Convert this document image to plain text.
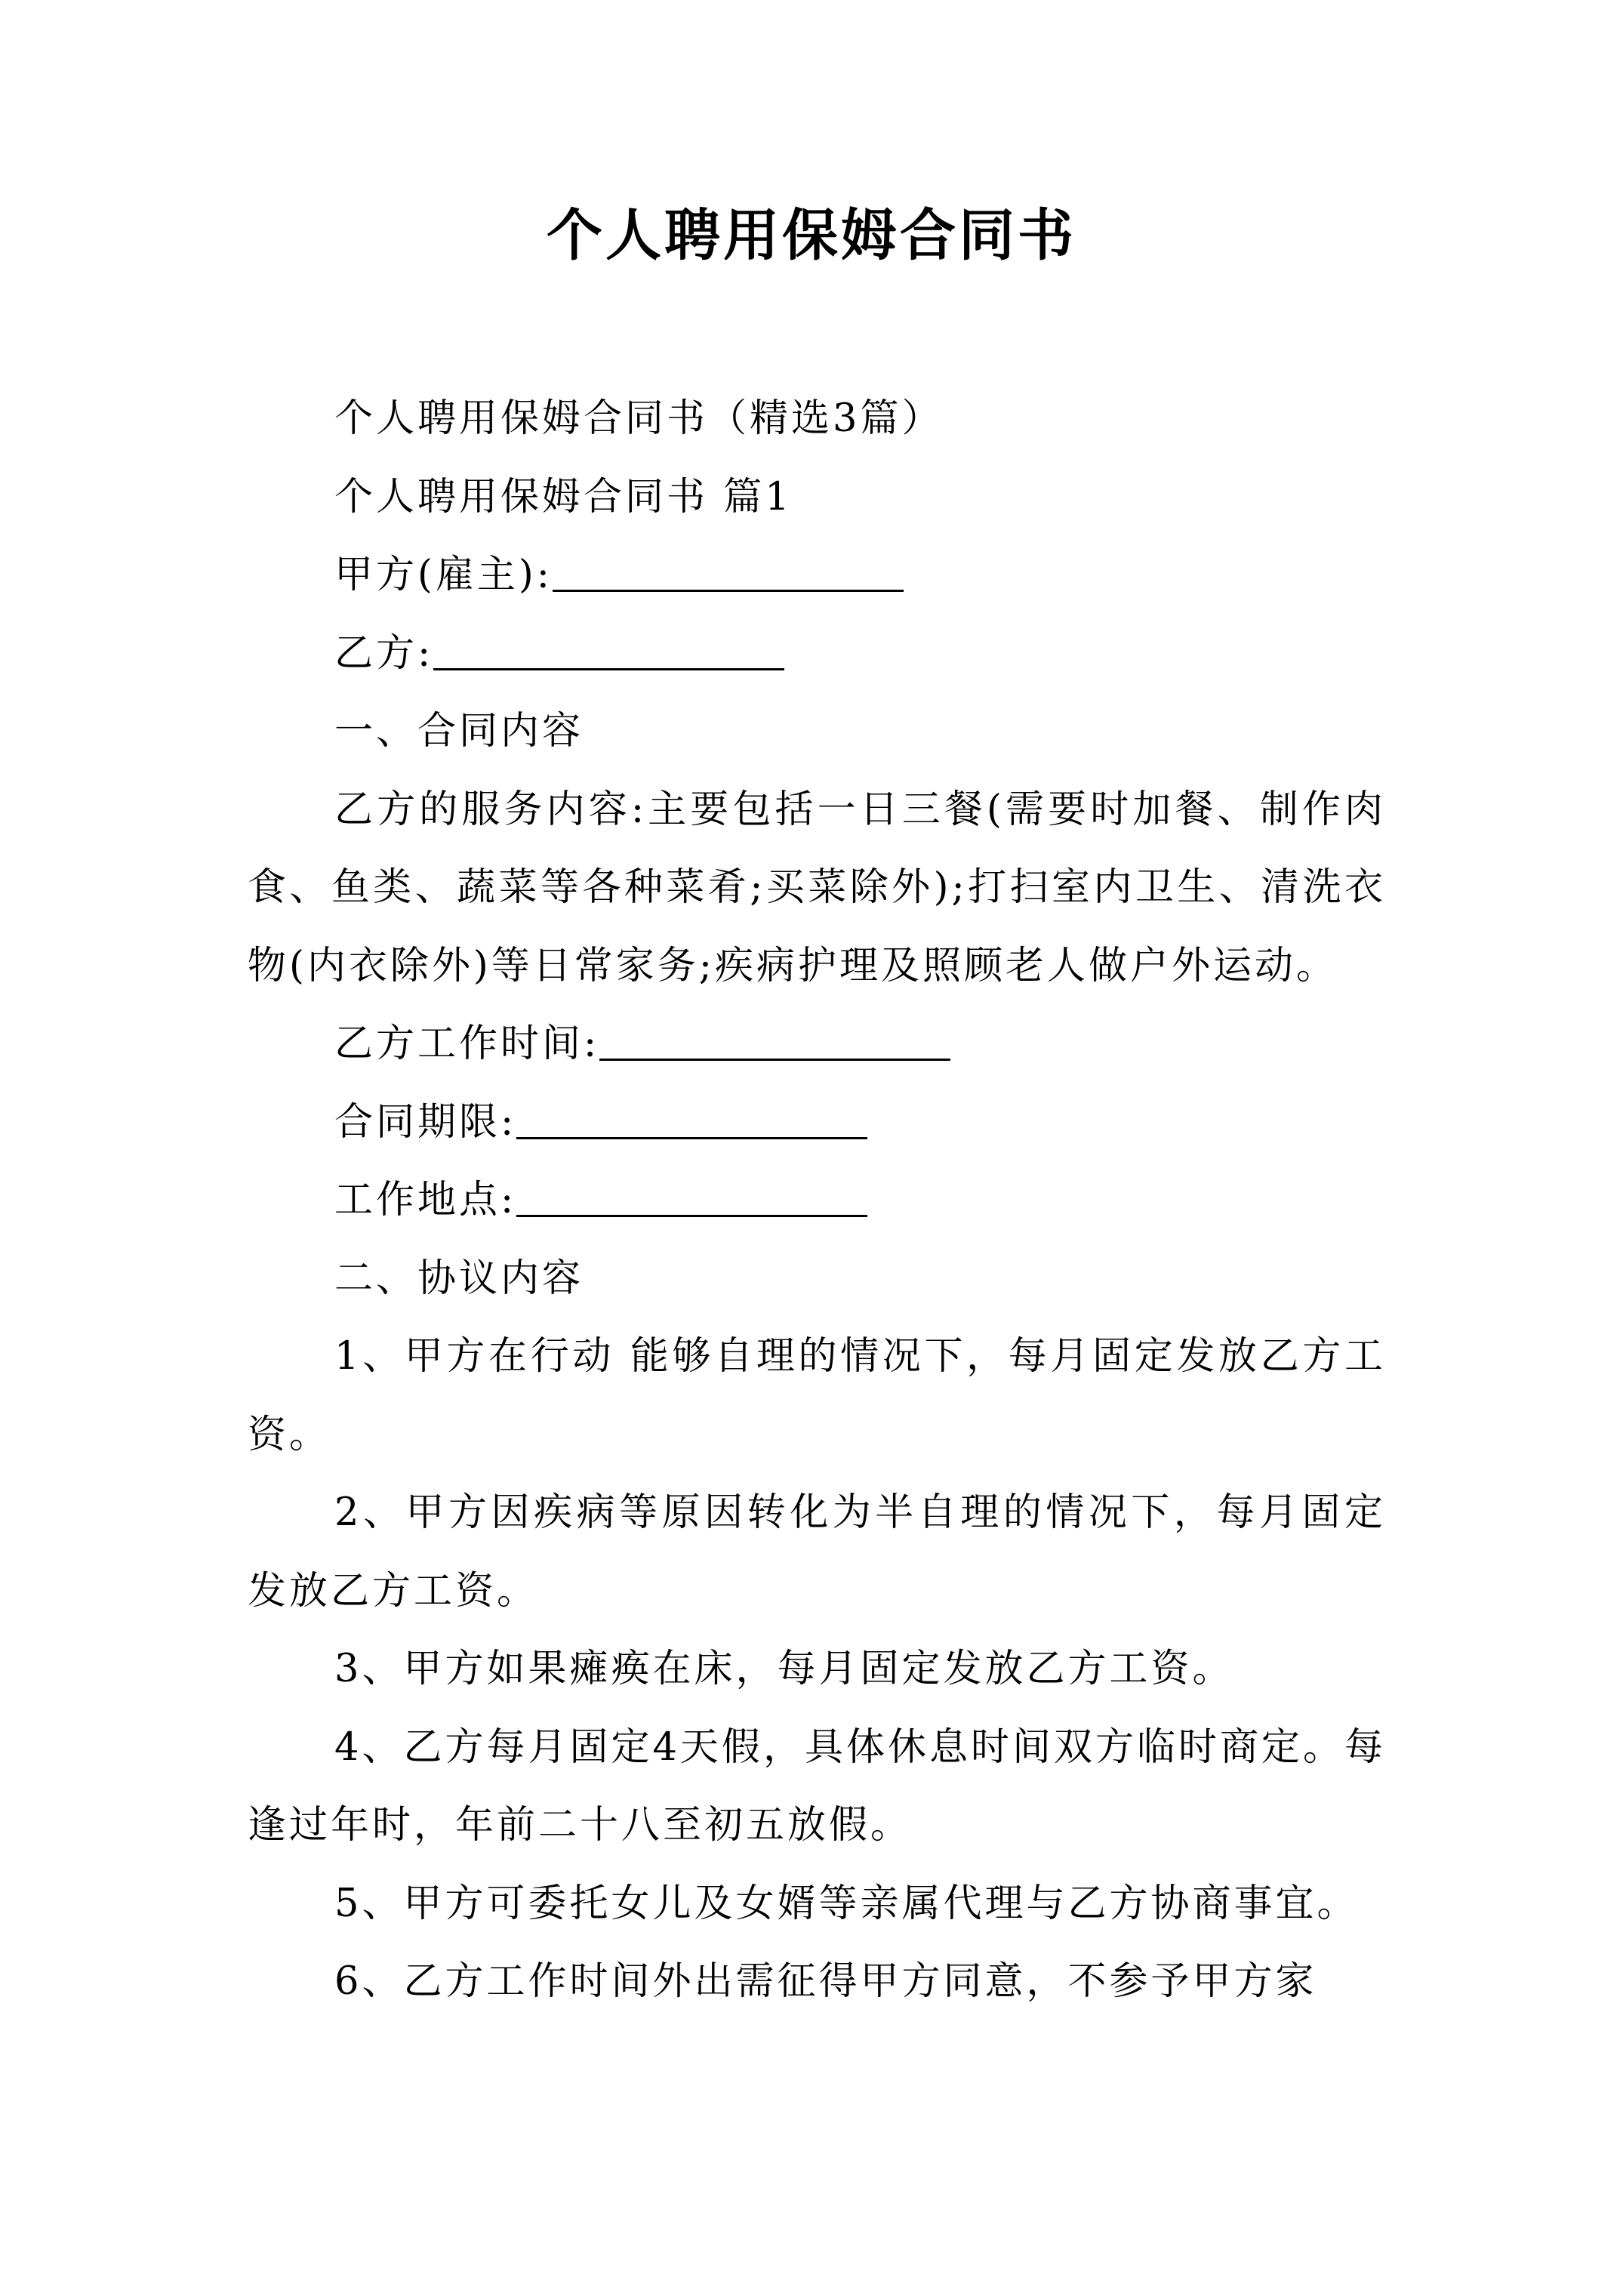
个人聘用保姆合同书

个人聘用保姆合同书（精选3篇）

个人聘用保姆合同书 篇1

甲方(雇主):

乙方:

一、合同内容

乙方的服务内容:主要包括一日三餐(需要时加餐、制作肉食、鱼类、蔬菜等各种菜肴;买菜除外);打扫室内卫生、清洗衣物(内衣除外)等日常家务;疾病护理及照顾老人做户外运动。

乙方工作时间:

合同期限:

工作地点:

二、协议内容

1、甲方在行动 能够自理的情况下，每月固定发放乙方工资。

2、甲方因疾病等原因转化为半自理的情况下，每月固定发放乙方工资。

3、甲方如果瘫痪在床，每月固定发放乙方工资。

4、乙方每月固定4天假，具体休息时间双方临时商定。每逢过年时，年前二十八至初五放假。

5、甲方可委托女儿及女婿等亲属代理与乙方协商事宜。

6、乙方工作时间外出需征得甲方同意，不参予甲方家
